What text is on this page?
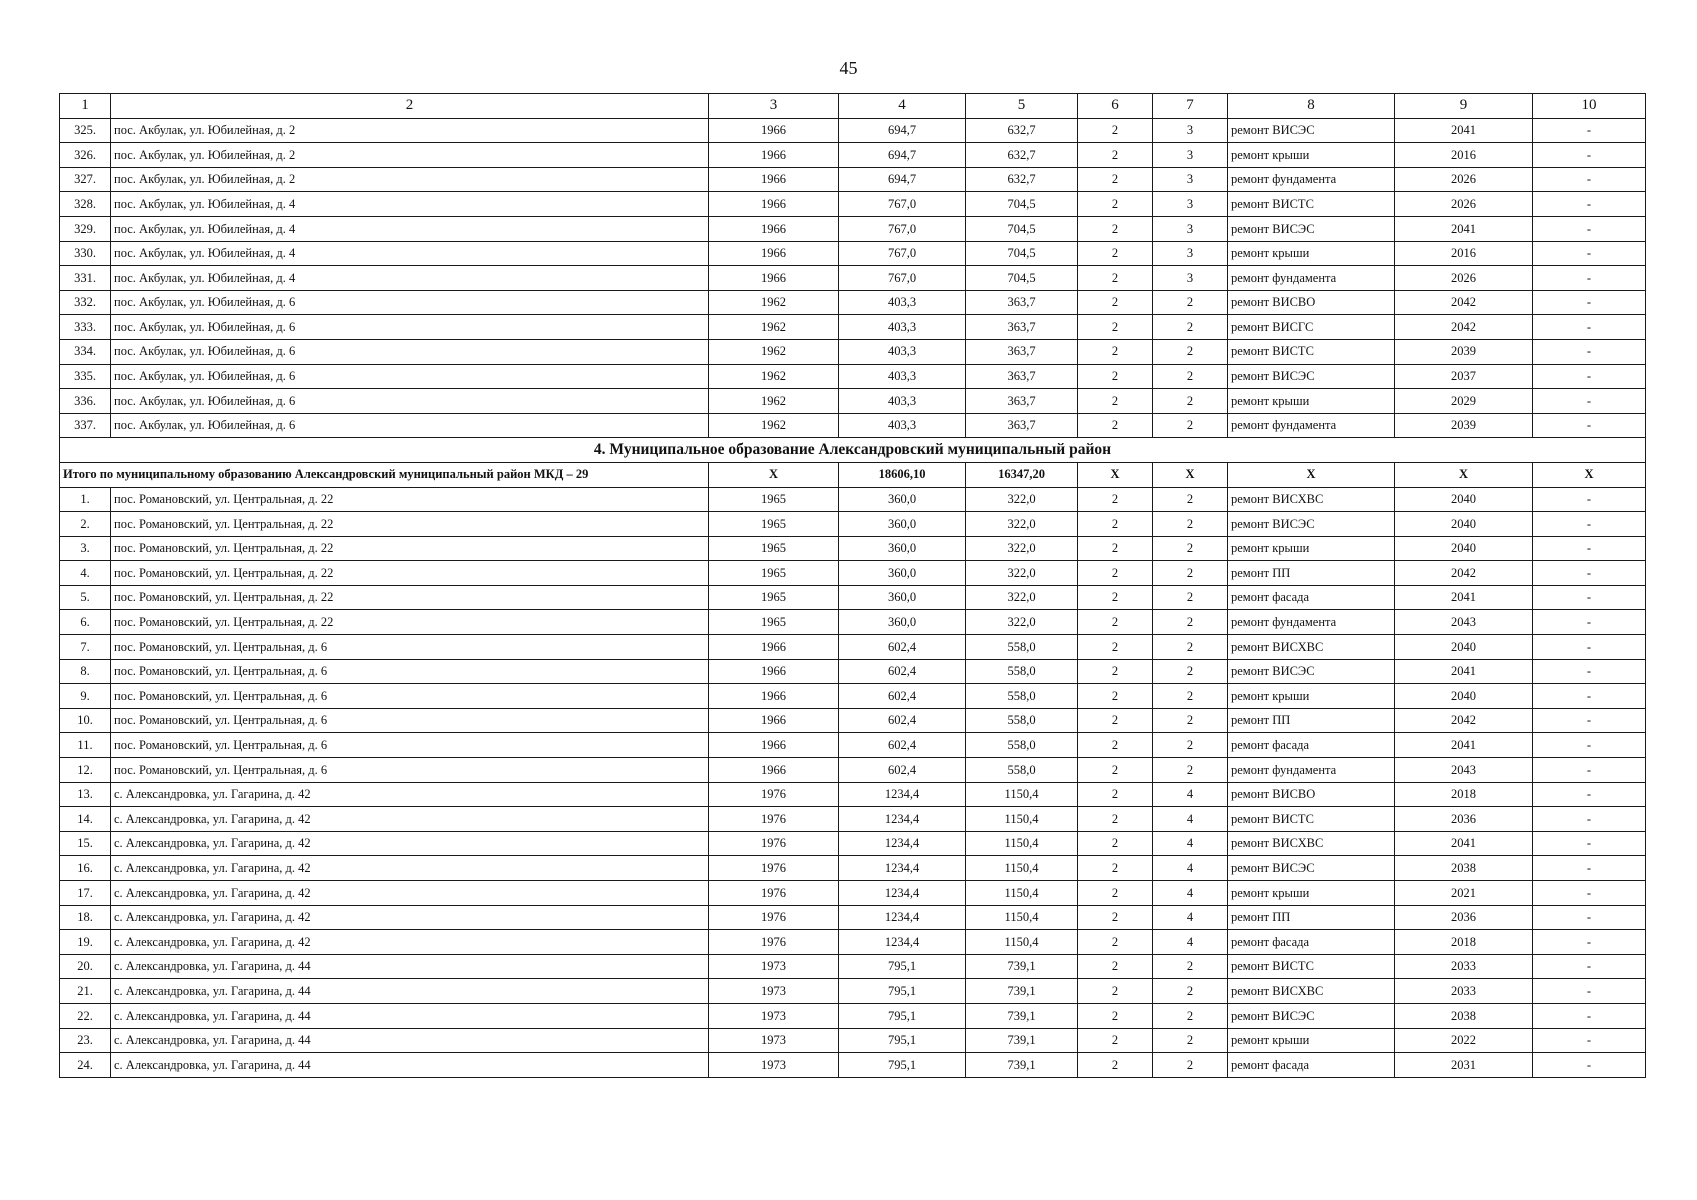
45
1	2	3	4	5	6	7	8	9	10
325.	пос. Акбулак, ул. Юбилейная, д. 2	1966	694,7	632,7	2	3	ремонт ВИСЭС	2041	-
326.	пос. Акбулак, ул. Юбилейная, д. 2	1966	694,7	632,7	2	3	ремонт крыши	2016	-
327.	пос. Акбулак, ул. Юбилейная, д. 2	1966	694,7	632,7	2	3	ремонт фундамента	2026	-
328.	пос. Акбулак, ул. Юбилейная, д. 4	1966	767,0	704,5	2	3	ремонт ВИСТС	2026	-
329.	пос. Акбулак, ул. Юбилейная, д. 4	1966	767,0	704,5	2	3	ремонт ВИСЭС	2041	-
330.	пос. Акбулак, ул. Юбилейная, д. 4	1966	767,0	704,5	2	3	ремонт крыши	2016	-
331.	пос. Акбулак, ул. Юбилейная, д. 4	1966	767,0	704,5	2	3	ремонт фундамента	2026	-
332.	пос. Акбулак, ул. Юбилейная, д. 6	1962	403,3	363,7	2	2	ремонт ВИСВО	2042	-
333.	пос. Акбулак, ул. Юбилейная, д. 6	1962	403,3	363,7	2	2	ремонт ВИСГС	2042	-
334.	пос. Акбулак, ул. Юбилейная, д. 6	1962	403,3	363,7	2	2	ремонт ВИСТС	2039	-
335.	пос. Акбулак, ул. Юбилейная, д. 6	1962	403,3	363,7	2	2	ремонт ВИСЭС	2037	-
336.	пос. Акбулак, ул. Юбилейная, д. 6	1962	403,3	363,7	2	2	ремонт крыши	2029	-
337.	пос. Акбулак, ул. Юбилейная, д. 6	1962	403,3	363,7	2	2	ремонт фундамента	2039	-
4. Муниципальное образование Александровский муниципальный район									
Итого по муниципальному образованию Александровский муниципальный район МКД – 29		X	18606,10	16347,20	X	X	X	X	X
1.	пос. Романовский, ул. Центральная, д. 22	1965	360,0	322,0	2	2	ремонт ВИСХВС	2040	-
2.	пос. Романовский, ул. Центральная, д. 22	1965	360,0	322,0	2	2	ремонт ВИСЭС	2040	-
3.	пос. Романовский, ул. Центральная, д. 22	1965	360,0	322,0	2	2	ремонт крыши	2040	-
4.	пос. Романовский, ул. Центральная, д. 22	1965	360,0	322,0	2	2	ремонт ПП	2042	-
5.	пос. Романовский, ул. Центральная, д. 22	1965	360,0	322,0	2	2	ремонт фасада	2041	-
6.	пос. Романовский, ул. Центральная, д. 22	1965	360,0	322,0	2	2	ремонт фундамента	2043	-
7.	пос. Романовский, ул. Центральная, д. 6	1966	602,4	558,0	2	2	ремонт ВИСХВС	2040	-
8.	пос. Романовский, ул. Центральная, д. 6	1966	602,4	558,0	2	2	ремонт ВИСЭС	2041	-
9.	пос. Романовский, ул. Центральная, д. 6	1966	602,4	558,0	2	2	ремонт крыши	2040	-
10.	пос. Романовский, ул. Центральная, д. 6	1966	602,4	558,0	2	2	ремонт ПП	2042	-
11.	пос. Романовский, ул. Центральная, д. 6	1966	602,4	558,0	2	2	ремонт фасада	2041	-
12.	пос. Романовский, ул. Центральная, д. 6	1966	602,4	558,0	2	2	ремонт фундамента	2043	-
13.	с. Александровка, ул. Гагарина, д. 42	1976	1234,4	1150,4	2	4	ремонт ВИСВО	2018	-
14.	с. Александровка, ул. Гагарина, д. 42	1976	1234,4	1150,4	2	4	ремонт ВИСТС	2036	-
15.	с. Александровка, ул. Гагарина, д. 42	1976	1234,4	1150,4	2	4	ремонт ВИСХВС	2041	-
16.	с. Александровка, ул. Гагарина, д. 42	1976	1234,4	1150,4	2	4	ремонт ВИСЭС	2038	-
17.	с. Александровка, ул. Гагарина, д. 42	1976	1234,4	1150,4	2	4	ремонт крыши	2021	-
18.	с. Александровка, ул. Гагарина, д. 42	1976	1234,4	1150,4	2	4	ремонт ПП	2036	-
19.	с. Александровка, ул. Гагарина, д. 42	1976	1234,4	1150,4	2	4	ремонт фасада	2018	-
20.	с. Александровка, ул. Гагарина, д. 44	1973	795,1	739,1	2	2	ремонт ВИСТС	2033	-
21.	с. Александровка, ул. Гагарина, д. 44	1973	795,1	739,1	2	2	ремонт ВИСХВС	2033	-
22.	с. Александровка, ул. Гагарина, д. 44	1973	795,1	739,1	2	2	ремонт ВИСЭС	2038	-
23.	с. Александровка, ул. Гагарина, д. 44	1973	795,1	739,1	2	2	ремонт крыши	2022	-
24.	с. Александровка, ул. Гагарина, д. 44	1973	795,1	739,1	2	2	ремонт фасада	2031	-
